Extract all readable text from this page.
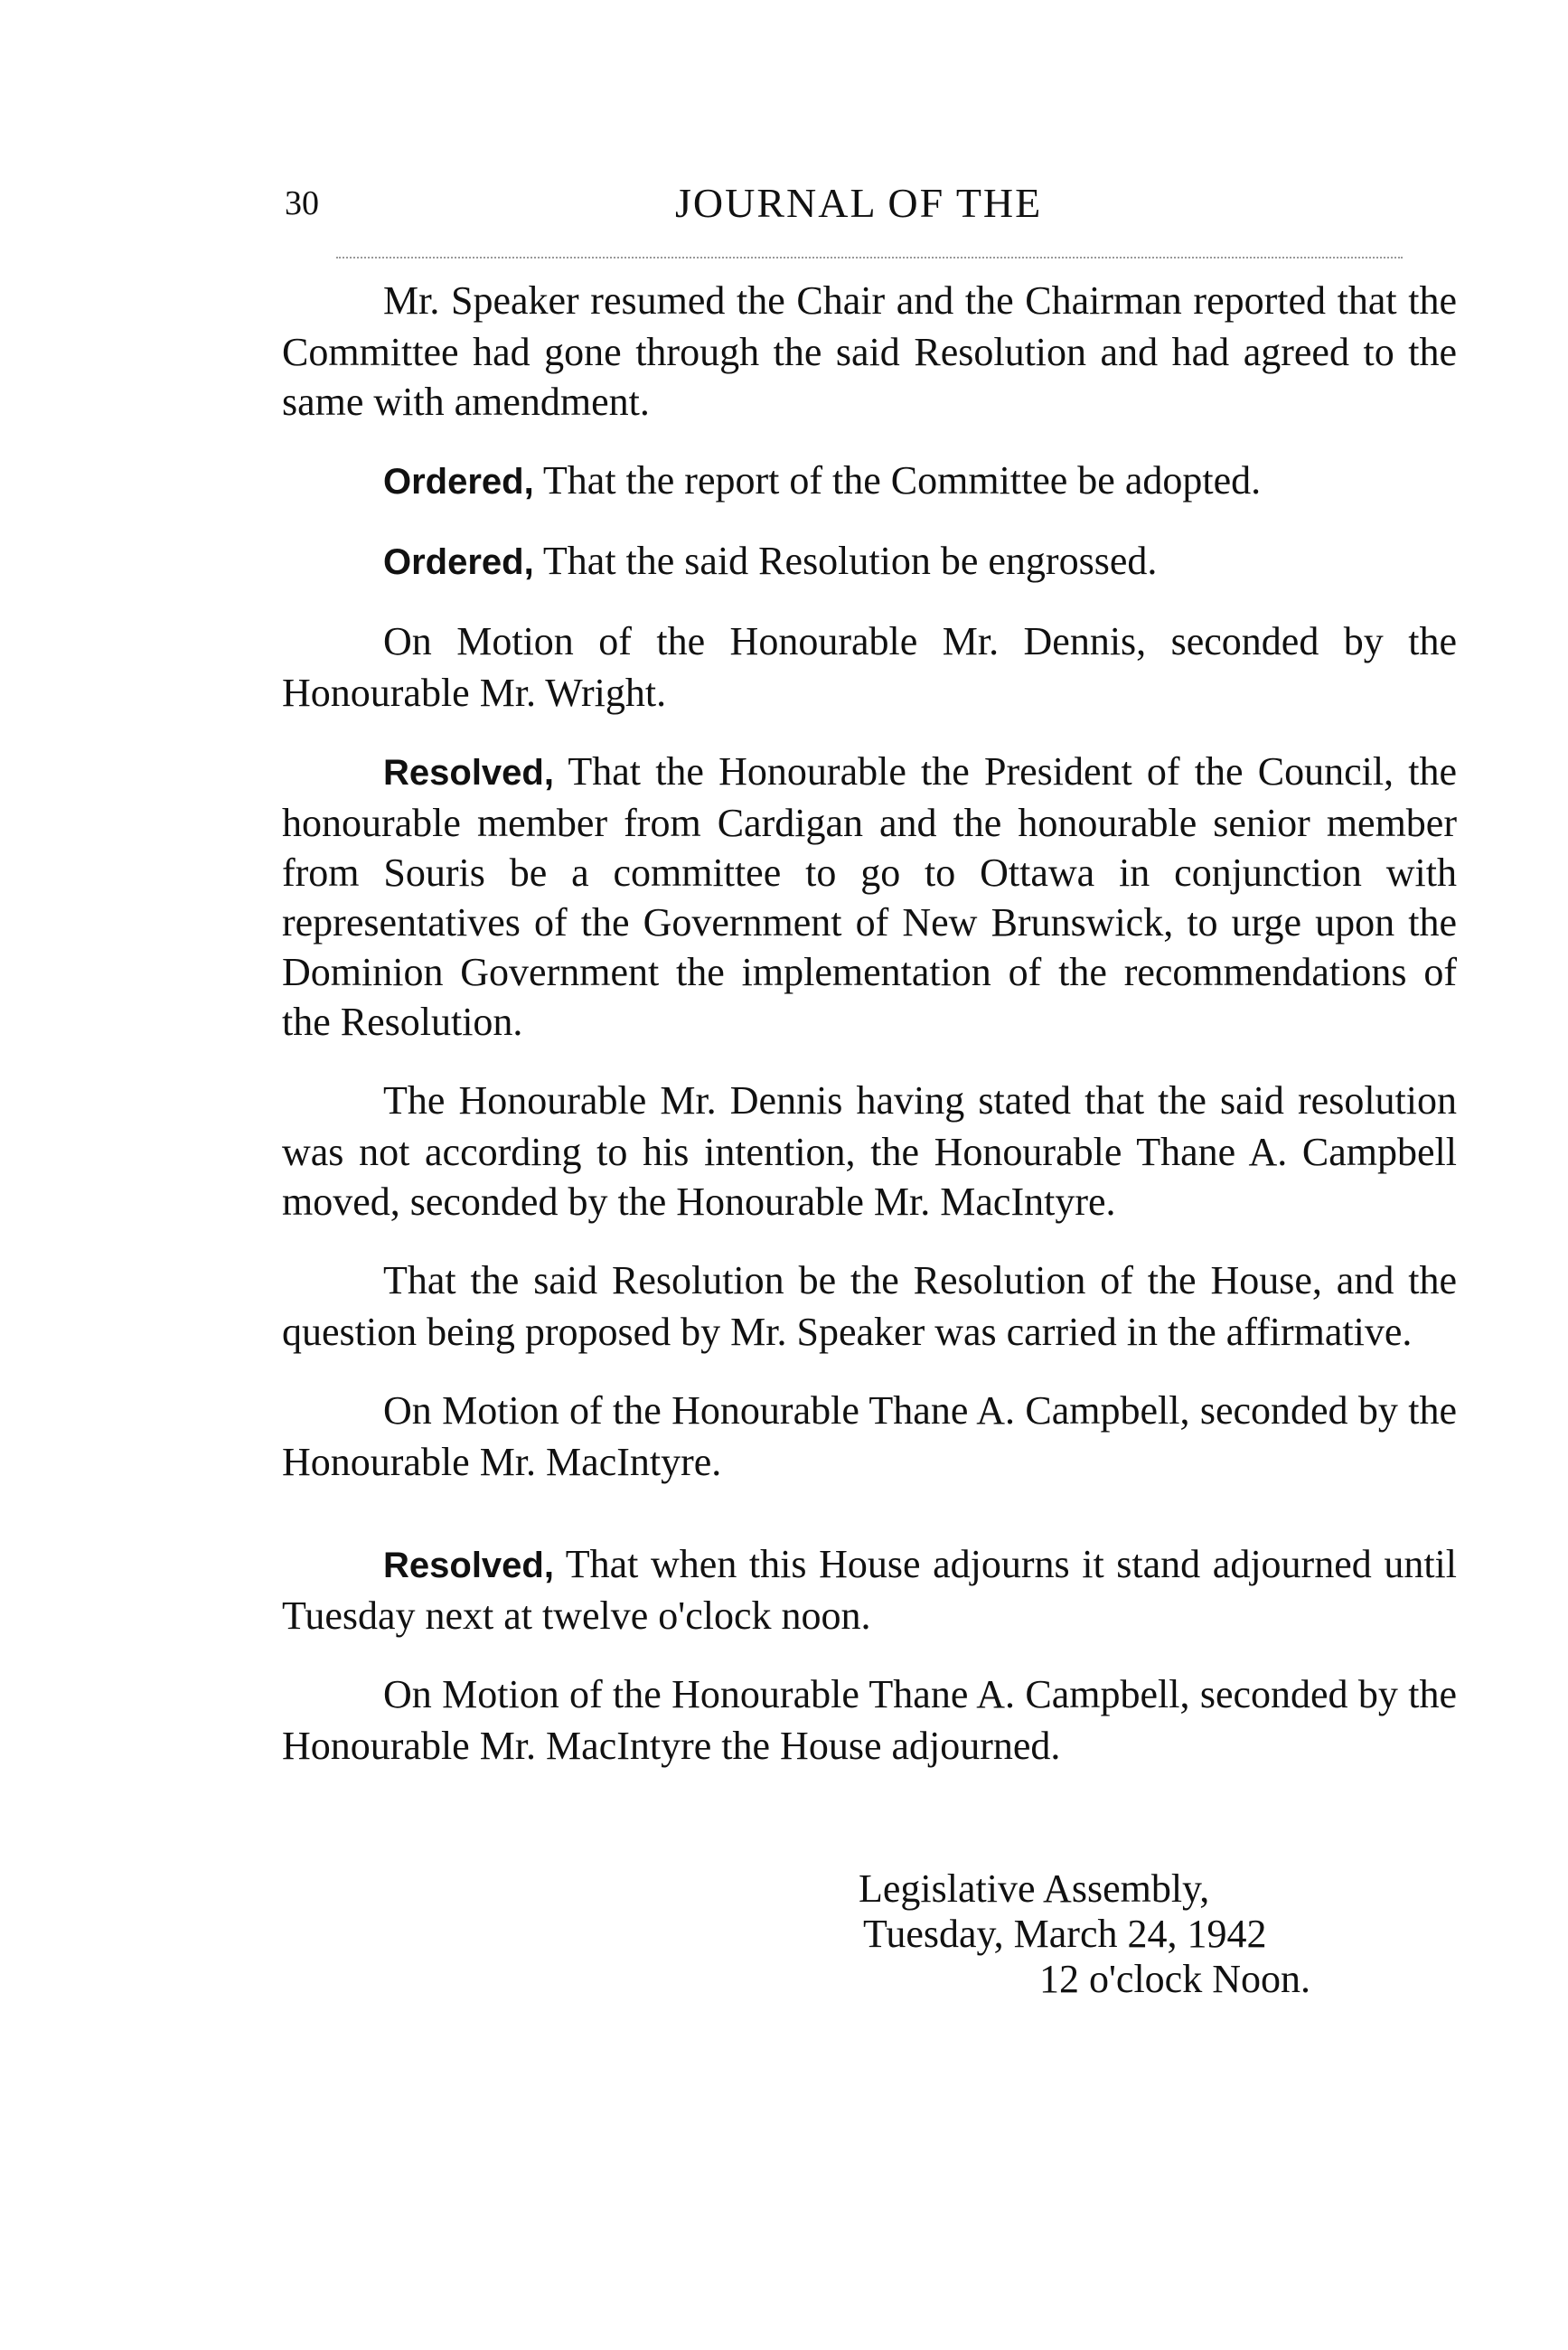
30	JOURNAL OF THE

Mr. Speaker resumed the Chair and the Chairman reported that the Committee had gone through the said Resolution and had agreed to the same with amendment.

Ordered, That the report of the Committee be adopted.

Ordered, That the said Resolution be engrossed.

On Motion of the Honourable Mr. Dennis, seconded by the Honourable Mr. Wright.

Resolved, That the Honourable the President of the Council, the honourable member from Cardigan and the honourable senior member from Souris be a committee to go to Ottawa in conjunction with representatives of the Government of New Brunswick, to urge upon the Dominion Government the implementation of the recommendations of the Resolution.

The Honourable Mr. Dennis having stated that the said resolution was not according to his intention, the Honourable Thane A. Campbell moved, seconded by the Honourable Mr. MacIntyre.

That the said Resolution be the Resolution of the House, and the question being proposed by Mr. Speaker was carried in the affirmative.

On Motion of the Honourable Thane A. Campbell, seconded by the Honourable Mr. MacIntyre.

Resolved, That when this House adjourns it stand adjourned until Tuesday next at twelve o'clock noon.

On Motion of the Honourable Thane A. Campbell, seconded by the Honourable Mr. MacIntyre the House adjourned.

Legislative Assembly,
Tuesday, March 24, 1942
12 o'clock Noon.
